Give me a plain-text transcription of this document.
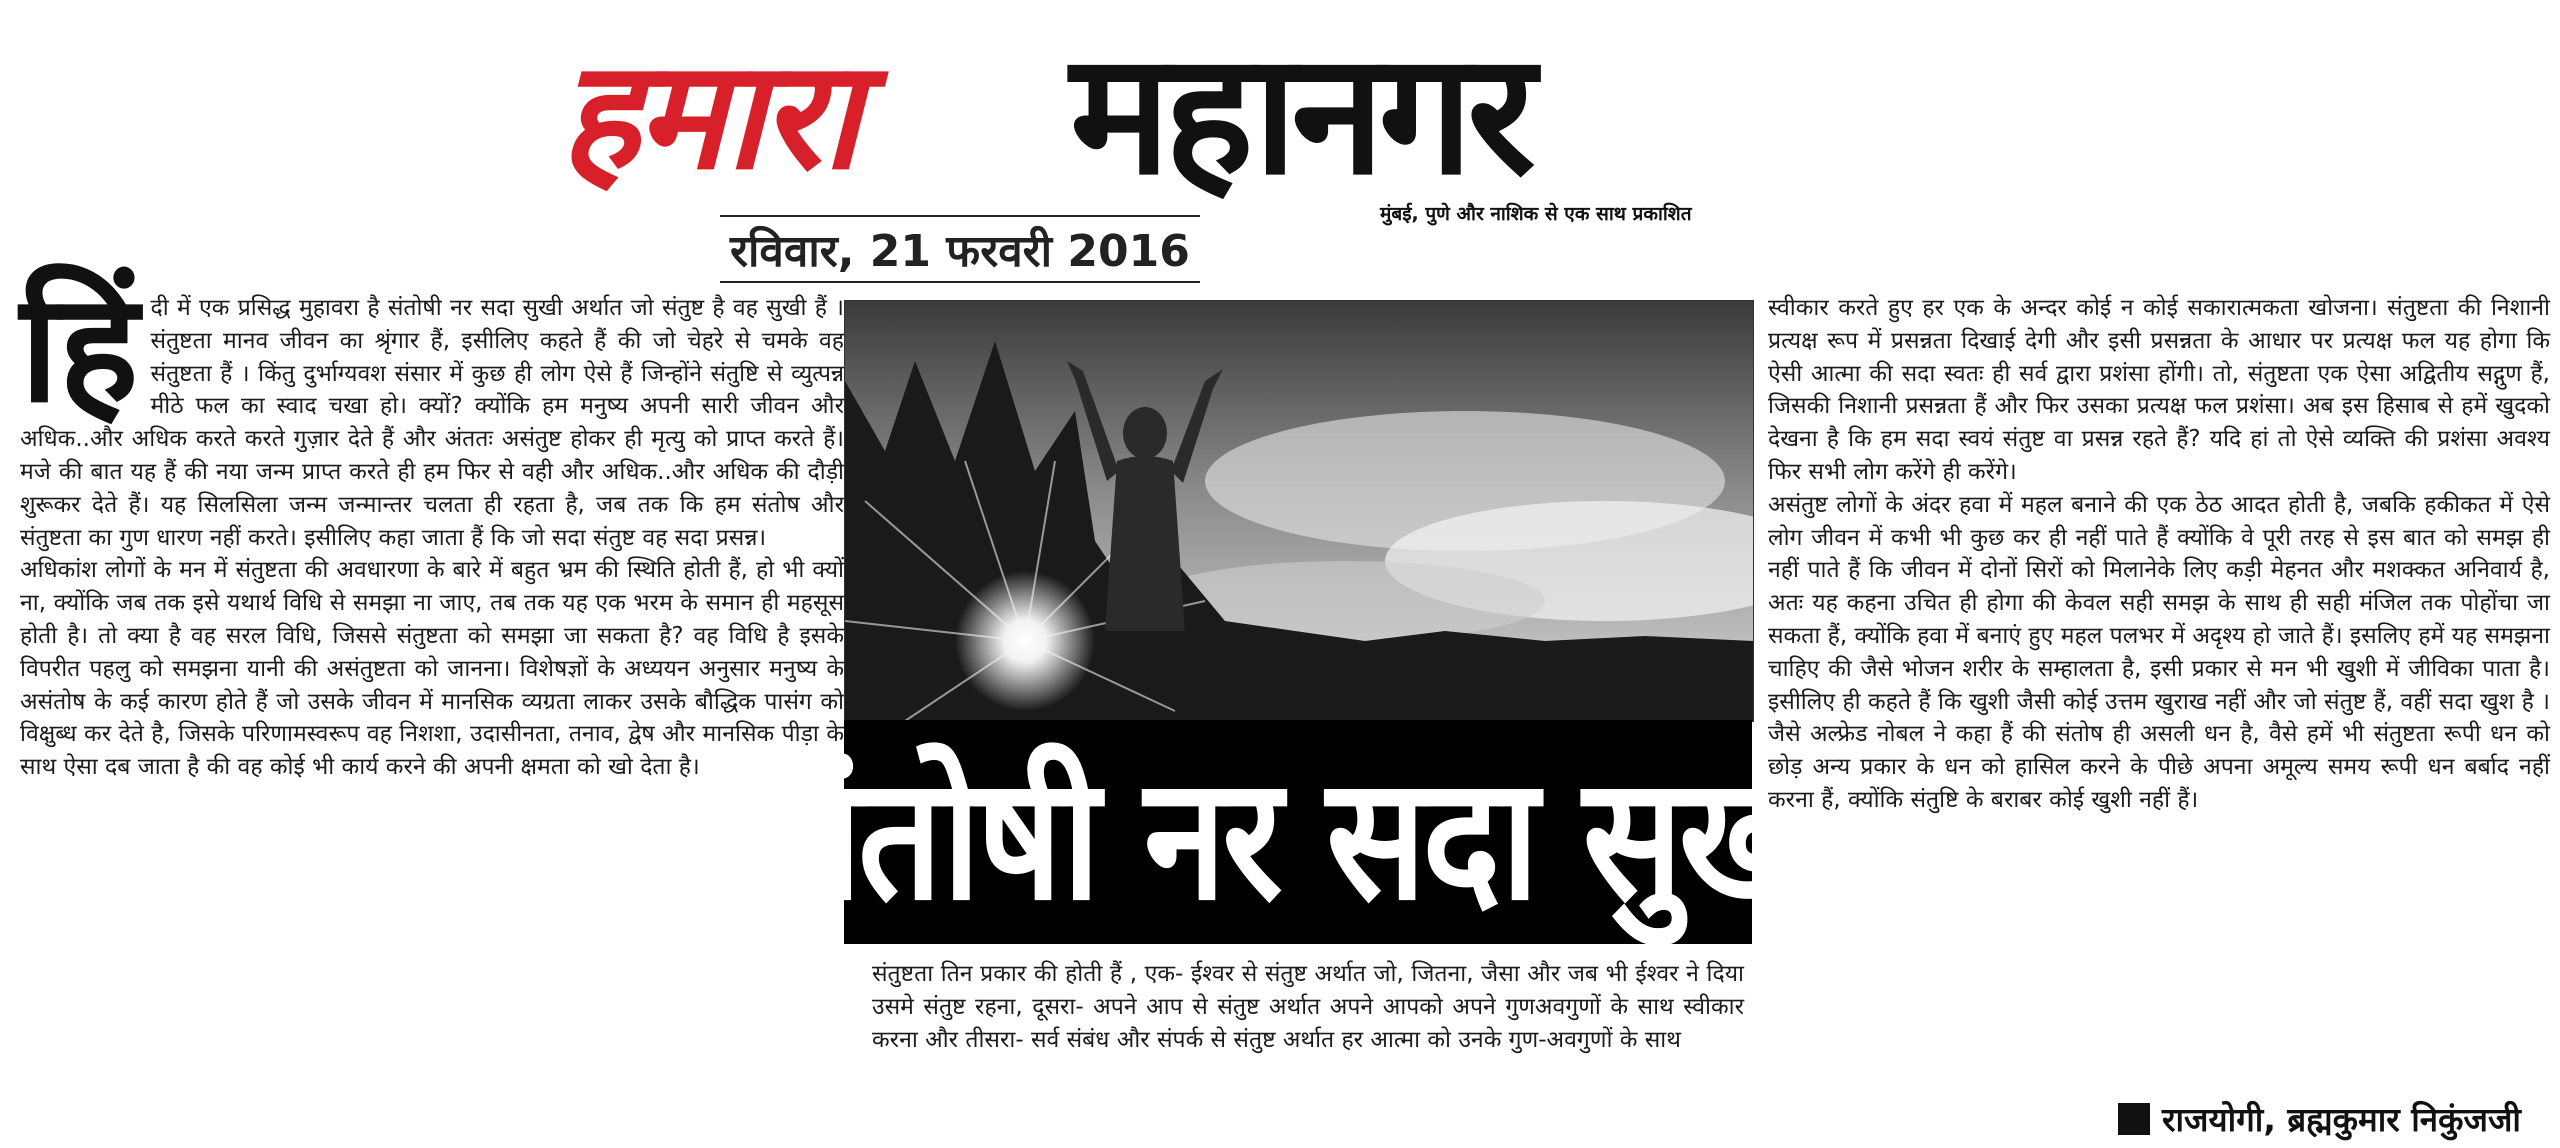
हमारा महानगर
मुंबई, पुणे और नाशिक से एक साथ प्रकाशित
रविवार, 21 फरवरी 2016

हिं दी में एक प्रसिद्ध मुहावरा है संतोषी नर सदा सुखी अर्थात जो संतुष्ट है वह सुखी हैं । संतुष्टता मानव जीवन का श्रृंगार हैं, इसीलिए कहते हैं की जो चेहरे से चमके वह संतुष्टता हैं । किंतु दुर्भाग्यवश संसार में कुछ ही लोग ऐसे हैं जिन्होंने संतुष्टि से व्युत्पन्न मीठे फल का स्वाद चखा हो। क्यों? क्योंकि हम मनुष्य अपनी सारी जीवन और अधिक..और अधिक करते करते गुज़ार देते हैं और अंततः असंतुष्ट होकर ही मृत्यु को प्राप्त करते हैं। मजे की बात यह हैं की नया जन्म प्राप्त करते ही हम फिर से वही और अधिक..और अधिक की दौड़ी शुरूकर देते हैं। यह सिलसिला जन्म जन्मान्तर चलता ही रहता है, जब तक कि हम संतोष और संतुष्टता का गुण धारण नहीं करते। इसीलिए कहा जाता हैं कि जो सदा संतुष्ट वह सदा प्रसन्न।

अधिकांश लोगों के मन में संतुष्टता की अवधारणा के बारे में बहुत भ्रम की स्थिति होती हैं, हो भी क्यों ना, क्योंकि जब तक इसे यथार्थ विधि से समझा ना जाए, तब तक यह एक भरम के समान ही महसूस होती है। तो क्या है वह सरल विधि, जिससे संतुष्टता को समझा जा सकता है? वह विधि है इसके विपरीत पहलु को समझना यानी की असंतुष्टता को जानना। विशेषज्ञों के अध्ययन अनुसार मनुष्य के असंतोष के कई कारण होते हैं जो उसके जीवन में मानसिक व्यग्रता लाकर उसके बौद्धिक पासंग को विक्षुब्ध कर देते है, जिसके परिणामस्वरूप वह निशशा, उदासीनता, तनाव, द्वेष और मानसिक पीड़ा के साथ ऐसा दब जाता है की वह कोई भी कार्य करने की अपनी क्षमता को खो देता है। संतोषी नर सदा सुखी

संतुष्टता तिन प्रकार की होती हैं , एक- ईश्वर से संतुष्ट अर्थात जो, जितना, जैसा और जब भी ईश्वर ने दिया उसमे संतुष्ट रहना, दूसरा- अपने आप से संतुष्ट अर्थात अपने आपको अपने गुणअवगुणों के साथ स्वीकार करना और तीसरा- सर्व संबंध और संपर्क से संतुष्ट अर्थात हर आत्मा को उनके गुण-अवगुणों के साथ

स्वीकार करते हुए हर एक के अन्दर कोई न कोई सकारात्मकता खोजना। संतुष्टता की निशानी प्रत्यक्ष रूप में प्रसन्नता दिखाई देगी और इसी प्रसन्नता के आधार पर प्रत्यक्ष फल यह होगा कि ऐसी आत्मा की सदा स्वतः ही सर्व द्वारा प्रशंसा होंगी। तो, संतुष्टता एक ऐसा अद्वितीय सद्गुण हैं, जिसकी निशानी प्रसन्नता हैं और फिर उसका प्रत्यक्ष फल प्रशंसा। अब इस हिसाब से हमें खुदको देखना है कि हम सदा स्वयं संतुष्ट वा प्रसन्न रहते हैं? यदि हां तो ऐसे व्यक्ति की प्रशंसा अवश्य फिर सभी लोग करेंगे ही करेंगे।

असंतुष्ट लोगों के अंदर हवा में महल बनाने की एक ठेठ आदत होती है, जबकि हकीकत में ऐसे लोग जीवन में कभी भी कुछ कर ही नहीं पाते हैं क्योंकि वे पूरी तरह से इस बात को समझ ही नहीं पाते हैं कि जीवन में दोनों सिरों को मिलानेके लिए कड़ी मेहनत और मशक्कत अनिवार्य है, अतः यह कहना उचित ही होगा की केवल सही समझ के साथ ही सही मंजिल तक पोहोंचा जा सकता हैं, क्योंकि हवा में बनाएं हुए महल पलभर में अदृश्य हो जाते हैं। इसलिए हमें यह समझना चाहिए की जैसे भोजन शरीर के सम्हालता है, इसी प्रकार से मन भी खुशी में जीविका पाता है। इसीलिए ही कहते हैं कि खुशी जैसी कोई उत्तम खुराख नहीं और जो संतुष्ट हैं, वहीं सदा खुश है । जैसे अल्फ्रेड नोबल ने कहा हैं की संतोष ही असली धन है, वैसे हमें भी संतुष्टता रूपी धन को छोड़ अन्य प्रकार के धन को हासिल करने के पीछे अपना अमूल्य समय रूपी धन बर्बाद नहीं करना हैं, क्योंकि संतुष्टि के बराबर कोई खुशी नहीं हैं।

राजयोगी, ब्रह्मकुमार निकुंजजी
